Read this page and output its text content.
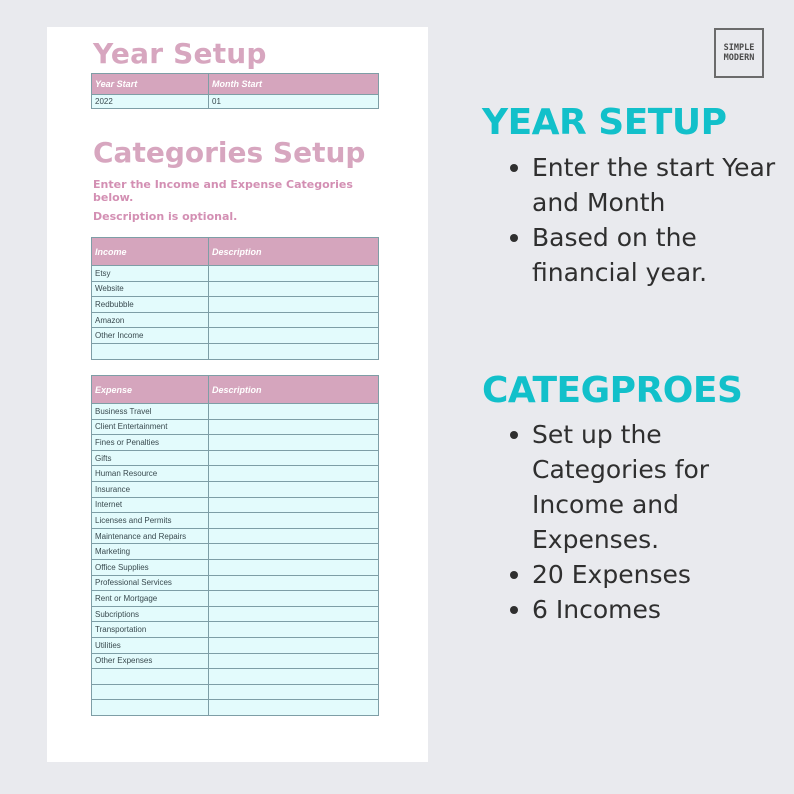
Year Setup
Year Start	Month Start
2022	01
Categories Setup

Enter the Income and Expense Categories below.

Description is optional.

Income	Description
Etsy	
Website	
Redbubble	
Amazon	
Other Income	

Expense	Description
Business Travel	
Client Entertainment	
Fines or Penalties	
Gifts	
Human Resource	
Insurance	
Internet	
Licenses and Permits	
Maintenance and Repairs	
Marketing	
Office Supplies	
Professional Services	
Rent or Mortgage	
Subcriptions	
Transportation	
Utilities	
Other Expenses	

SIMPLE
MODERN
YEAR SETUP
Enter the start Year and Month
Based on the financial year.
CATEGPROES
Set up the Categories for Income and Expenses.
20 Expenses
6 Incomes
